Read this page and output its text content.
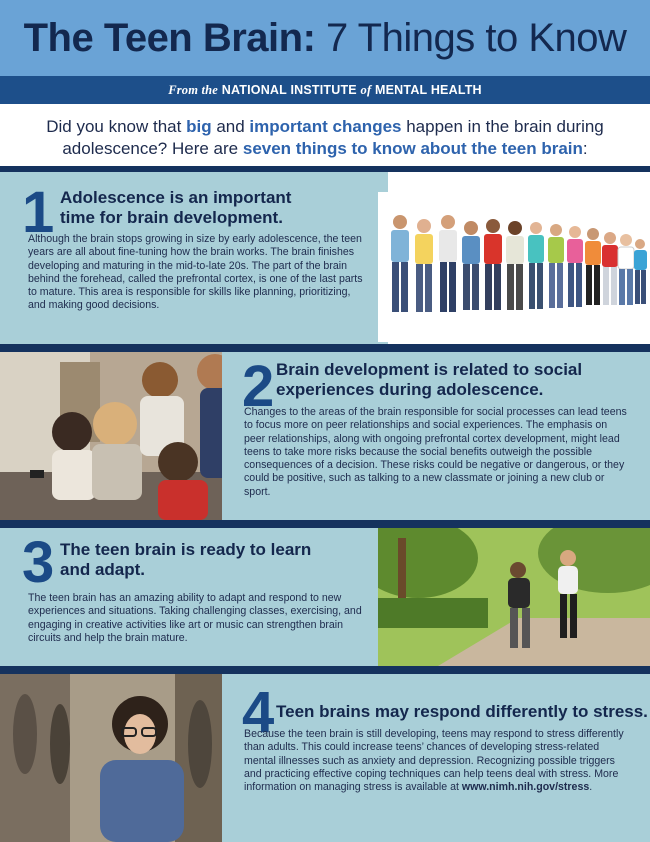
The Teen Brain: 7 Things to Know
From the NATIONAL INSTITUTE of MENTAL HEALTH
Did you know that big and important changes happen in the brain during adolescence? Here are seven things to know about the teen brain:
1 Adolescence is an important time for brain development.
Although the brain stops growing in size by early adolescence, the teen years are all about fine-tuning how the brain works. The brain finishes developing and maturing in the mid-to-late 20s. The part of the brain behind the forehead, called the prefrontal cortex, is one of the last parts to mature. This area is responsible for skills like planning, prioritizing, and making good decisions.
2 Brain development is related to social experiences during adolescence.
Changes to the areas of the brain responsible for social processes can lead teens to focus more on peer relationships and social experiences. The emphasis on peer relationships, along with ongoing prefrontal cortex development, might lead teens to take more risks because the social benefits outweigh the possible consequences of a decision. These risks could be negative or dangerous, or they could be positive, such as talking to a new classmate or joining a new club or sport.
3 The teen brain is ready to learn and adapt.
The teen brain has an amazing ability to adapt and respond to new experiences and situations. Taking challenging classes, exercising, and engaging in creative activities like art or music can strengthen brain circuits and help the brain mature.
4 Teen brains may respond differently to stress.
Because the teen brain is still developing, teens may respond to stress differently than adults. This could increase teens’ chances of developing stress-related mental illnesses such as anxiety and depression. Recognizing possible triggers and practicing effective coping techniques can help teens deal with stress. More information on managing stress is available at www.nimh.nih.gov/stress.
